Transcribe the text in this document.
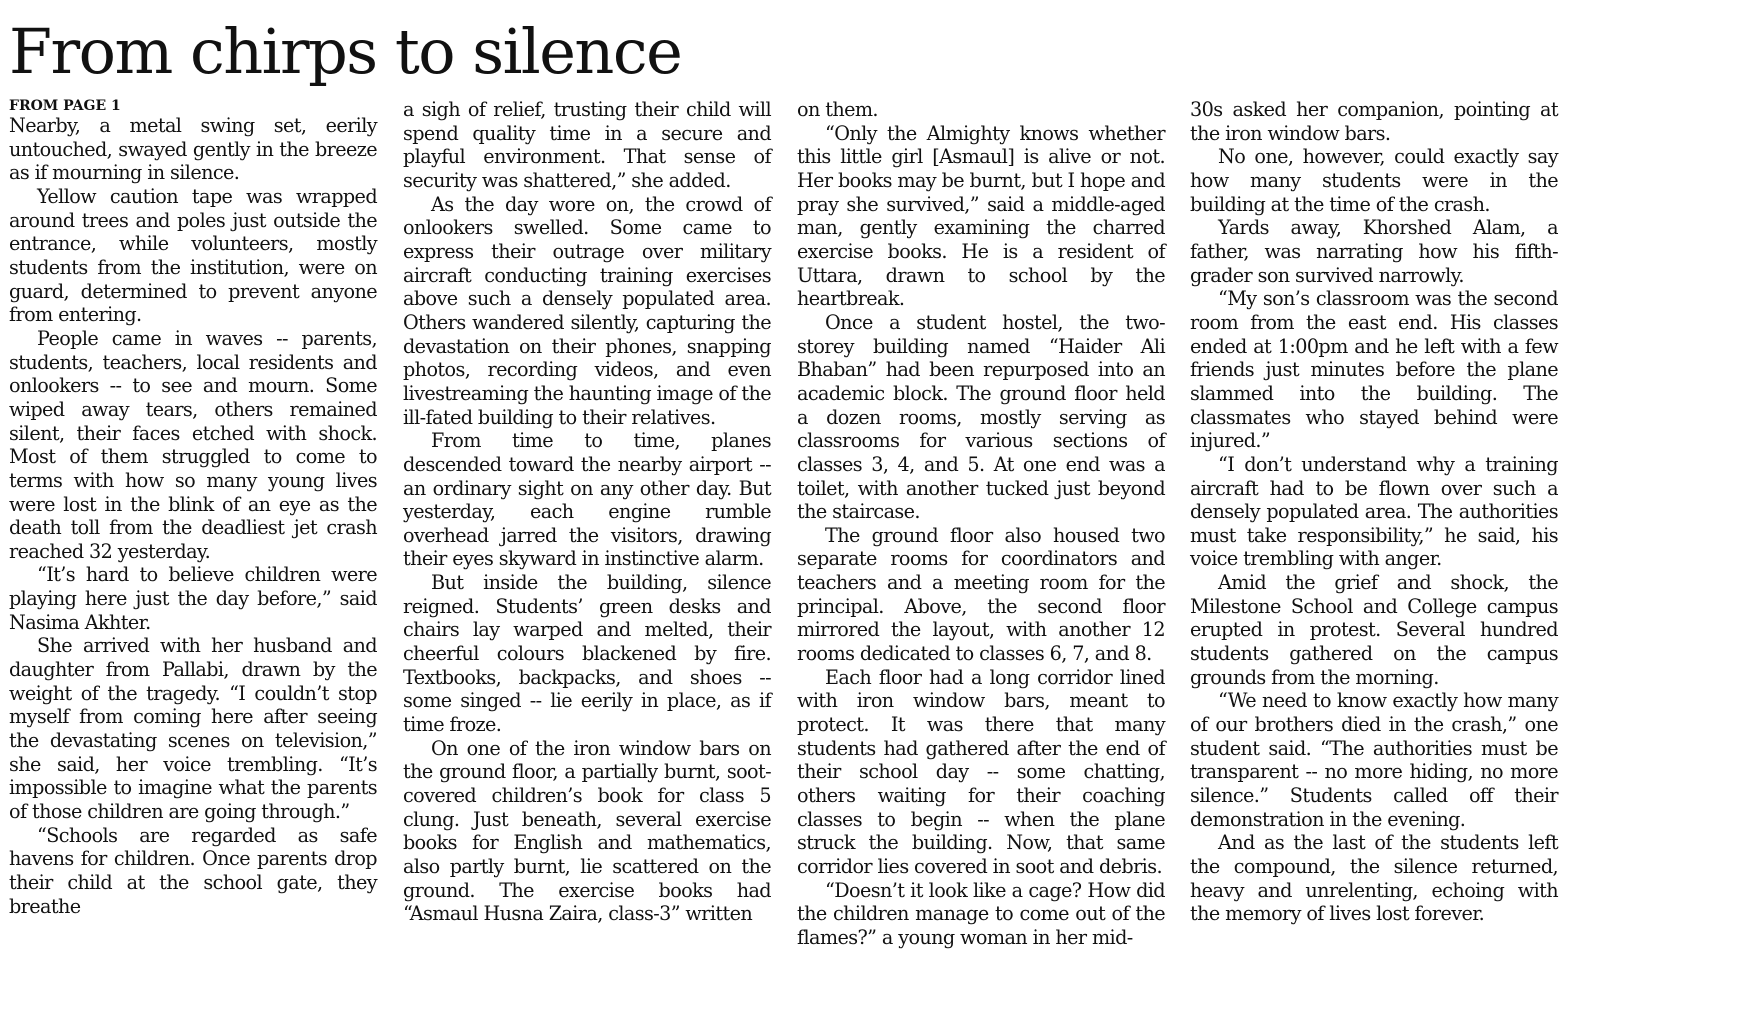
From chirps to silence
FROM PAGE 1

Nearby, a metal swing set, eerily untouched, swayed gently in the breeze as if mourning in silence.

Yellow caution tape was wrapped around trees and poles just outside the entrance, while volunteers, mostly students from the institution, were on guard, determined to prevent anyone from entering.

People came in waves -- parents, students, teachers, local residents and onlookers -- to see and mourn. Some wiped away tears, others remained silent, their faces etched with shock. Most of them struggled to come to terms with how so many young lives were lost in the blink of an eye as the death toll from the deadliest jet crash reached 32 yesterday.

“It’s hard to believe children were playing here just the day before,” said Nasima Akhter.

She arrived with her husband and daughter from Pallabi, drawn by the weight of the tragedy. “I couldn’t stop myself from coming here after seeing the devastating scenes on television,” she said, her voice trembling. “It’s impossible to imagine what the parents of those children are going through.”

“Schools are regarded as safe havens for children. Once parents drop their child at the school gate, they breathe

a sigh of relief, trusting their child will spend quality time in a secure and playful environment. That sense of security was shattered,” she added.

As the day wore on, the crowd of onlookers swelled. Some came to express their outrage over military aircraft conducting training exercises above such a densely populated area. Others wandered silently, capturing the devastation on their phones, snapping photos, recording videos, and even livestreaming the haunting image of the ill-fated building to their relatives.

From time to time, planes descended toward the nearby airport -- an ordinary sight on any other day. But yesterday, each engine rumble overhead jarred the visitors, drawing their eyes skyward in instinctive alarm.

But inside the building, silence reigned. Students’ green desks and chairs lay warped and melted, their cheerful colours blackened by fire. Textbooks, backpacks, and shoes -- some singed -- lie eerily in place, as if time froze.

On one of the iron window bars on the ground floor, a partially burnt, soot-covered children’s book for class 5 clung. Just beneath, several exercise books for English and mathematics, also partly burnt, lie scattered on the ground. The exercise books had “Asmaul Husna Zaira, class-3” written

on them.

“Only the Almighty knows whether this little girl [Asmaul] is alive or not. Her books may be burnt, but I hope and pray she survived,” said a middle-aged man, gently examining the charred exercise books. He is a resident of Uttara, drawn to school by the heartbreak.

Once a student hostel, the two-storey building named “Haider Ali Bhaban” had been repurposed into an academic block. The ground floor held a dozen rooms, mostly serving as classrooms for various sections of classes 3, 4, and 5. At one end was a toilet, with another tucked just beyond the staircase.

The ground floor also housed two separate rooms for coordinators and teachers and a meeting room for the principal. Above, the second floor mirrored the layout, with another 12 rooms dedicated to classes 6, 7, and 8.

Each floor had a long corridor lined with iron window bars, meant to protect. It was there that many students had gathered after the end of their school day -- some chatting, others waiting for their coaching classes to begin -- when the plane struck the building. Now, that same corridor lies covered in soot and debris.

“Doesn’t it look like a cage? How did the children manage to come out of the flames?” a young woman in her mid-

30s asked her companion, pointing at the iron window bars.

No one, however, could exactly say how many students were in the building at the time of the crash.

Yards away, Khorshed Alam, a father, was narrating how his fifth-grader son survived narrowly.

“My son’s classroom was the second room from the east end. His classes ended at 1:00pm and he left with a few friends just minutes before the plane slammed into the building. The classmates who stayed behind were injured.”

“I don’t understand why a training aircraft had to be flown over such a densely populated area. The authorities must take responsibility,” he said, his voice trembling with anger.

Amid the grief and shock, the Milestone School and College campus erupted in protest. Several hundred students gathered on the campus grounds from the morning.

“We need to know exactly how many of our brothers died in the crash,” one student said. “The authorities must be transparent -- no more hiding, no more silence.” Students called off their demonstration in the evening.

And as the last of the students left the compound, the silence returned, heavy and unrelenting, echoing with the memory of lives lost forever.
